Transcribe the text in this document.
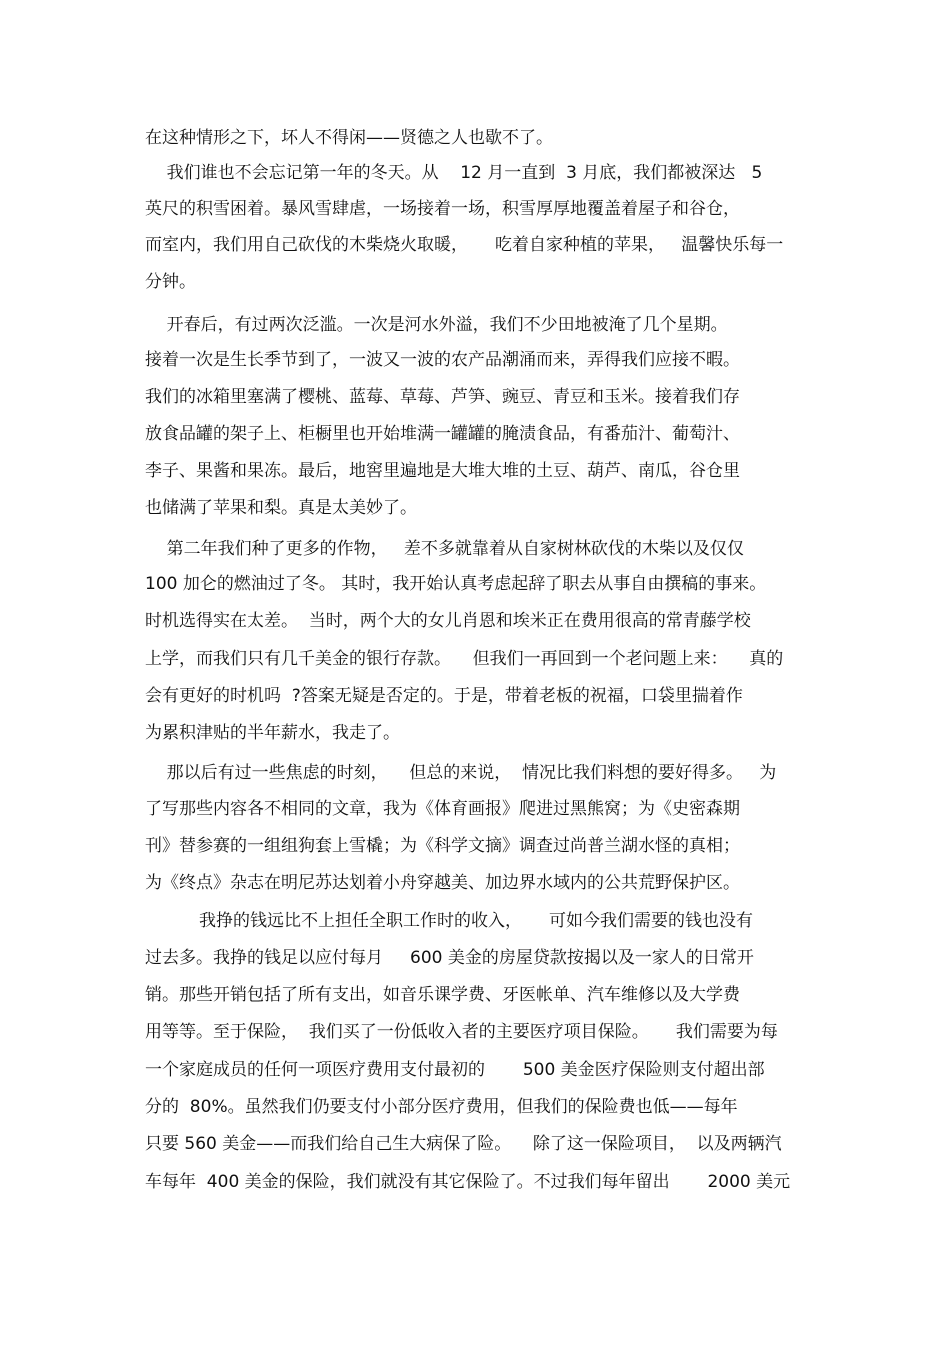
在这种情形之下，坏人不得闲——贤德之人也歇不了。
我们谁也不会忘记第一年的冬天。从    12 月一直到  3 月底，我们都被深达   5
英尺的积雪困着。暴风雪肆虐，一场接着一场，积雪厚厚地覆盖着屋子和谷仓，
而室内，我们用自己砍伐的木柴烧火取暖，     吃着自家种植的苹果，   温馨快乐每一
分钟。
开春后，有过两次泛滥。一次是河水外溢，我们不少田地被淹了几个星期。
接着一次是生长季节到了，一波又一波的农产品潮涌而来，弄得我们应接不暇。
我们的冰箱里塞满了樱桃、蓝莓、草莓、芦笋、豌豆、青豆和玉米。接着我们存
放食品罐的架子上、柜橱里也开始堆满一罐罐的腌渍食品，有番茄汁、葡萄汁、
李子、果酱和果冻。最后，地窖里遍地是大堆大堆的土豆、葫芦、南瓜，谷仓里
也储满了苹果和梨。真是太美妙了。
第二年我们种了更多的作物，   差不多就靠着从自家树林砍伐的木柴以及仅仅
100 加仑的燃油过了冬。 其时，我开始认真考虑起辞了职去从事自由撰稿的事来。
时机选得实在太差。  当时，两个大的女儿肖恩和埃米正在费用很高的常青藤学校
上学，而我们只有几千美金的银行存款。    但我们一再回到一个老问题上来：    真的
会有更好的时机吗  ?答案无疑是否定的。于是，带着老板的祝福，口袋里揣着作
为累积津贴的半年薪水，我走了。
那以后有过一些焦虑的时刻，    但总的来说，  情况比我们料想的要好得多。   为
了写那些内容各不相同的文章，我为《体育画报》爬进过黑熊窝；为《史密森期
刊》替参赛的一组组狗套上雪橇；为《科学文摘》调查过尚普兰湖水怪的真相；
为《终点》杂志在明尼苏达划着小舟穿越美、加边界水域内的公共荒野保护区。
我挣的钱远比不上担任全职工作时的收入，     可如今我们需要的钱也没有
过去多。我挣的钱足以应付每月     600 美金的房屋贷款按揭以及一家人的日常开
销。那些开销包括了所有支出，如音乐课学费、牙医帐单、汽车维修以及大学费
用等等。至于保险，  我们买了一份低收入者的主要医疗项目保险。     我们需要为每
一个家庭成员的任何一项医疗费用支付最初的       500 美金医疗保险则支付超出部
分的  80%。虽然我们仍要支付小部分医疗费用，但我们的保险费也低——每年
只要 560 美金——而我们给自己生大病保了险。    除了这一保险项目，  以及两辆汽
车每年  400 美金的保险，我们就没有其它保险了。不过我们每年留出       2000 美元
